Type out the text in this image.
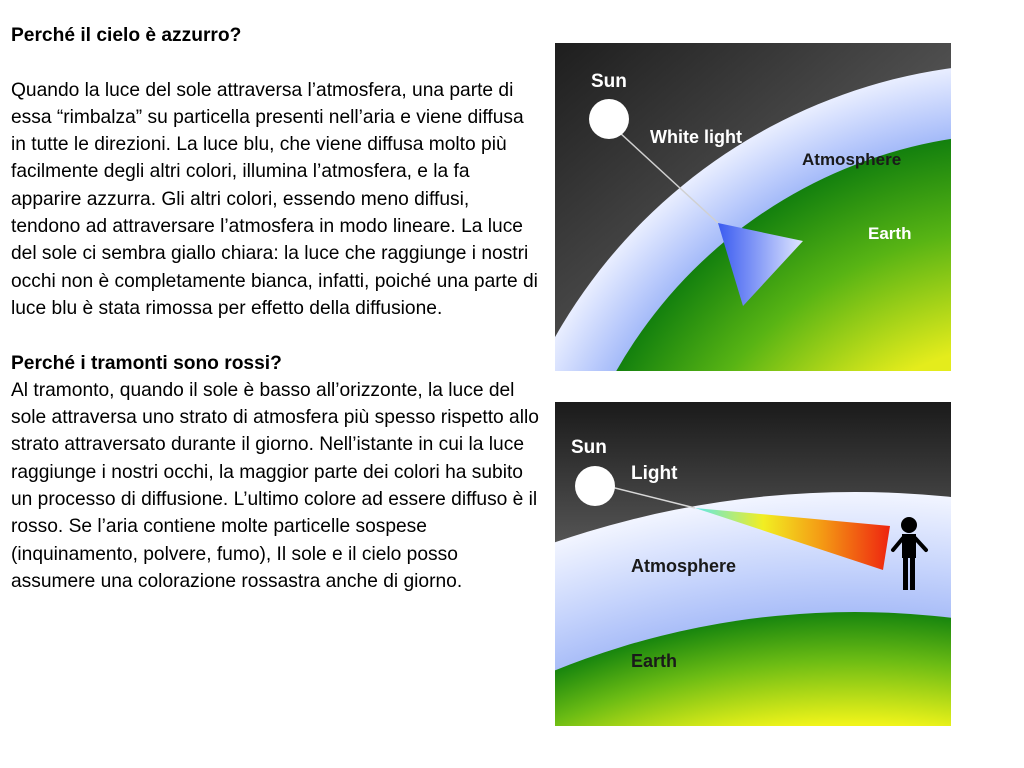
Perché il cielo è azzurro?

Quando la luce del sole attraversa l’atmosfera, una parte di essa “rimbalza” su particella presenti nell’aria e viene diffusa in tutte le direzioni. La luce blu, che viene diffusa molto più facilmente degli altri colori, illumina l’atmosfera, e la fa apparire azzurra. Gli altri colori, essendo meno diffusi, tendono ad attraversare l’atmosfera in modo lineare. La luce del sole ci sembra giallo chiara: la luce che raggiunge i nostri occhi non è completamente bianca, infatti, poiché una parte di luce blu è stata rimossa per effetto della diffusione.

Perché i tramonti sono rossi?

Al tramonto, quando il sole è basso all’orizzonte, la luce del sole attraversa uno strato di atmosfera più spesso rispetto allo strato attraversato durante il giorno. Nell’istante in cui la luce raggiunge i nostri occhi, la maggior parte dei colori ha subito un processo di diffusione. L’ultimo colore ad essere diffuso è il rosso. Se l’aria contiene molte particelle sospese (inquinamento, polvere, fumo), Il sole e il cielo posso assumere una colorazione rossastra anche di giorno.

Sun
White light
Atmosphere
Earth
Sun
Light
Atmosphere
Earth
